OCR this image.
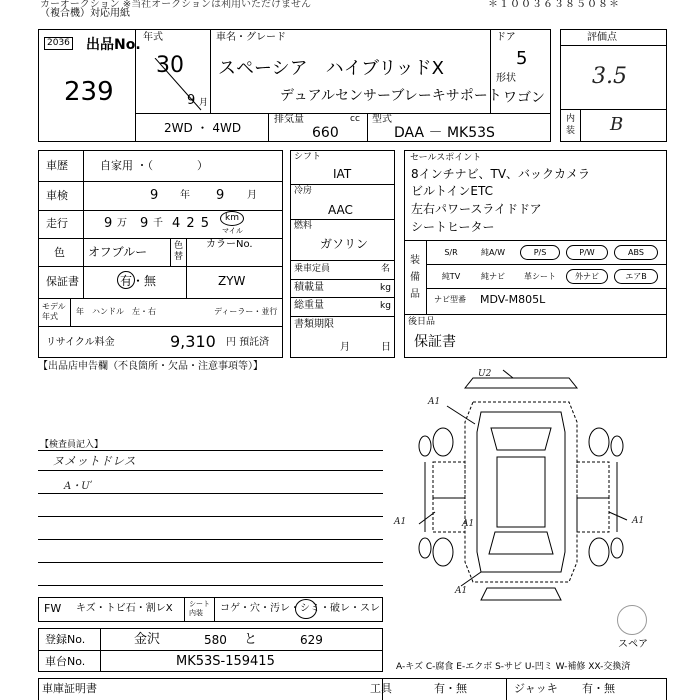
カーオークション ※当社オークションは利用いただけません
（複合機）対応用紙
＊１００３６３８５０８＊
2036 出品No.
239
年式
30
9 月
車名・グレード
スペーシア　ハイブリッドX
デュアルセンサーブレーキサポート
ドア
5
形状
ワゴン
2WD ・ 4WD
排気量	cc
660
型式
DAA － MK53S
評価点
3.5
内装 B
車歴	自家用 ・（　　　　）
車検	9 年 9 月
走行	9 万 9 千 4 2 5 km
マイル
色 オフブルー	色替
カラーNo.
保証書	有・無	ZYW
モデル年式
年　ハンドル　左・右	ディーラー・並行
リサイクル料金	9,310 円 預託済
シフト
IAT
冷房
AAC
燃料
ガソリン
乗車定員	名
積載量	kg
総重量	kg
書類期限
月	日
セールスポイント
8インチナビ、TV、バックカメラ
ビルトインETC
左右パワースライドドア
シートヒーター
装備品
S/R	純A/W	P/S	P/W	ABS
純TV	純ナビ	革シート	外ナビ	エアB
ナビ型番 MDV-M805L
後日品
保証書
【出品店申告欄（不良箇所・欠品・注意事項等）】
【検査員記入】
ヌメットドレス
A・Ư
U2
A1
A1	A1	A1
A1
スペア
FW キズ・トビ石・割レX シート内装	コゲ・穴・汚レ・シミ・破レ・スレ
登録No.	金沢	580 と	629
車台No.	MK53S-159415	A-キズ C-腐食 E-エクボ S-サビ U-凹ミ W-補修 XX-交換済
車庫証明書	工具	有・無	ジャッキ 有・無
